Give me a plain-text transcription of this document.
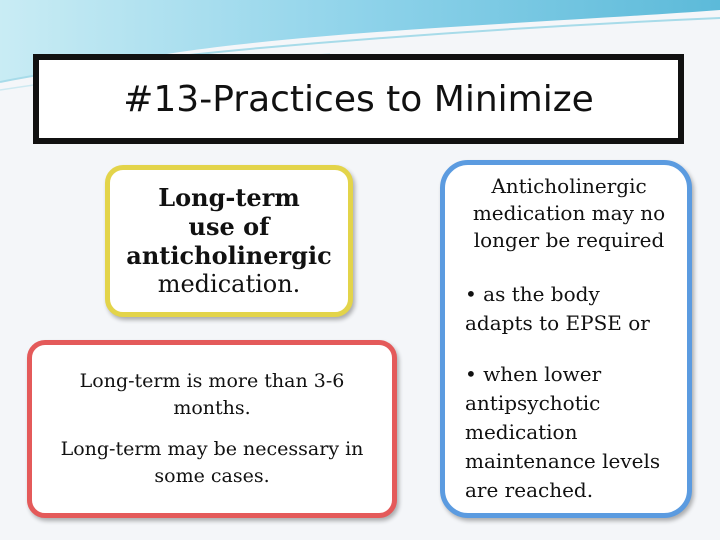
#13-Practices to Minimize
Long-term
use of
anticholinergic
medication.

Long-term is more than 3-6 months.

Long-term may be necessary in some cases.

Anticholinergic medication may no longer be required

• as the body adapts to EPSE or

• when lower antipsychotic medication maintenance levels are reached.
